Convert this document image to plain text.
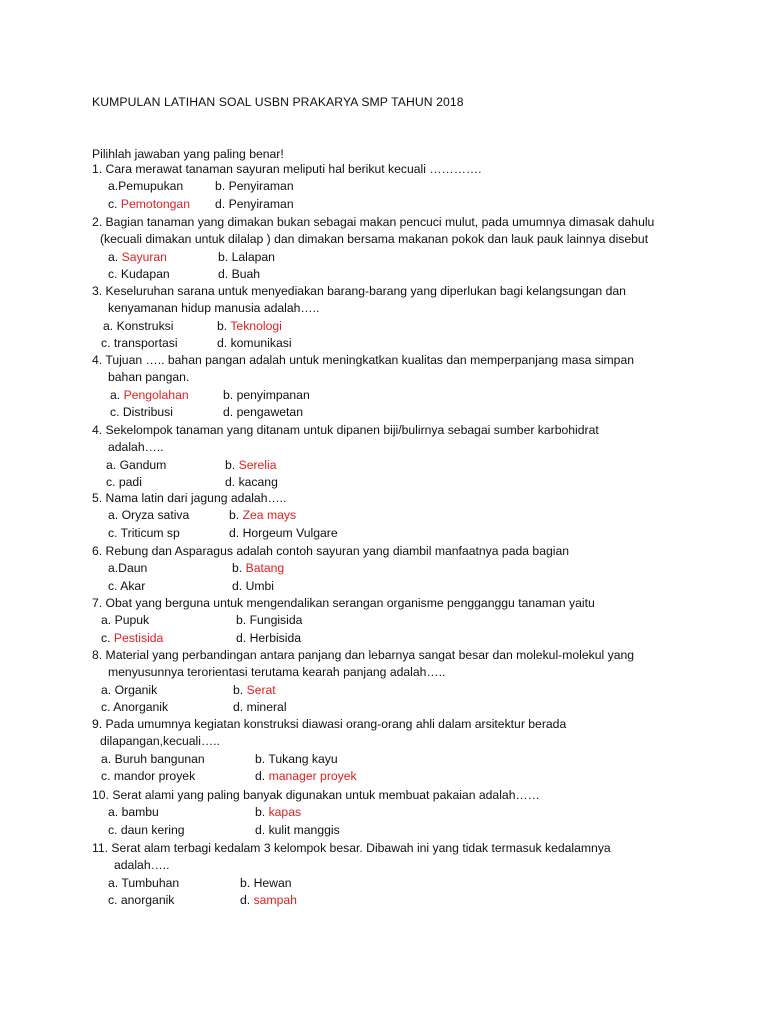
KUMPULAN LATIHAN SOAL USBN PRAKARYA SMP TAHUN 2018
Pilihlah jawaban yang paling benar!
1. Cara merawat tanaman sayuran meliputi hal berikut kecuali ………….
a.Pemupukan	b. Penyiraman
c. Pemotongan d. Penyiraman
2. Bagian tanaman yang dimakan bukan sebagai makan pencuci mulut, pada umumnya dimasak dahulu
(kecuali dimakan untuk dilalap ) dan dimakan bersama makanan pokok dan lauk pauk lainnya disebut
a. Sayuran	b. Lalapan
c. Kudapan	d. Buah
3. Keseluruhan sarana untuk menyediakan barang-barang yang diperlukan bagi kelangsungan dan
kenyamanan hidup manusia adalah…..
a. Konstruksi	b. Teknologi
c. transportasi	d. komunikasi
4. Tujuan ….. bahan pangan adalah untuk meningkatkan kualitas dan memperpanjang masa simpan
bahan pangan.
a. Pengolahan	b. penyimpanan
c. Distribusi	d. pengawetan
4. Sekelompok tanaman yang ditanam untuk dipanen biji/bulirnya sebagai sumber karbohidrat
adalah…..
a. Gandum	b. Serelia
c. padi	d. kacang
5. Nama latin dari jagung adalah…..
a. Oryza sativa	b. Zea mays
c. Triticum sp	d. Horgeum Vulgare
6. Rebung dan Asparagus adalah contoh sayuran yang diambil manfaatnya pada bagian
a.Daun	b. Batang
c. Akar	d. Umbi
7. Obat yang berguna untuk mengendalikan serangan organisme pengganggu tanaman yaitu
a. Pupuk	b. Fungisida
c. Pestisida	d. Herbisida
8. Material yang perbandingan antara panjang dan lebarnya sangat besar dan molekul-molekul yang
menyusunnya terorientasi terutama kearah panjang adalah…..
a. Organik	b. Serat
c. Anorganik	d. mineral
9. Pada umumnya kegiatan konstruksi diawasi orang-orang ahli dalam arsitektur berada
dilapangan,kecuali…..
a. Buruh bangunan	b. Tukang kayu
c. mandor proyek	d. manager proyek
10. Serat alami yang paling banyak digunakan untuk membuat pakaian adalah……
a. bambu	b. kapas
c. daun kering	d. kulit manggis
11. Serat alam terbagi kedalam 3 kelompok besar. Dibawah ini yang tidak termasuk kedalamnya
adalah…..
a. Tumbuhan	b. Hewan
c. anorganik	d. sampah
